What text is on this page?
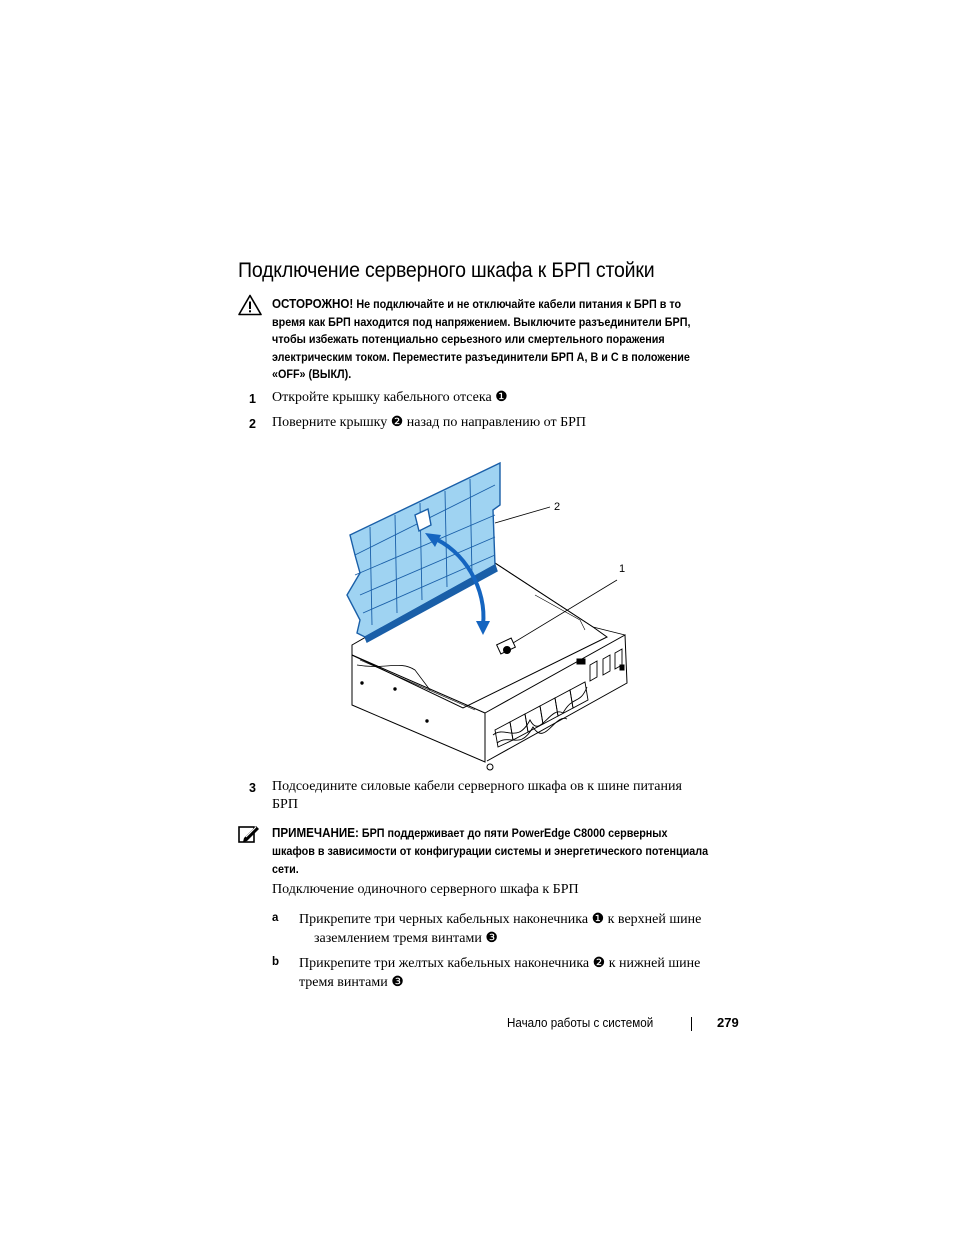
Подключение серверного шкафа к БРП стойки
ОСТОРОЖНО! Не подключайте и не отключайте кабели питания к БРП в то время как БРП находится под напряжением. Выключите разъединители БРП, чтобы избежать потенциально серьезного или смертельного поражения электрическим током. Переместите разъединители БРП A, B и C в положение «OFF» (ВЫКЛ).
1 Откройте крышку кабельного отсека ❶
2 Поверните крышку ❷ назад по направлению от БРП
2
1
3 Подсоедините силовые кабели серверного шкафа ов к шине питания
БРП
ПРИМЕЧАНИЕ: БРП поддерживает до пяти PowerEdge C8000 серверных шкафов в зависимости от конфигурации системы и энергетического потенциала сети.
Подключение одиночного серверного шкафа к БРП
a Прикрепите три черных кабельных наконечника ❶ к верхней шине
заземлением тремя винтами ❸
b Прикрепите три желтых кабельных наконечника ❷ к нижней шине
тремя винтами ❸
Начало работы с системой	279
